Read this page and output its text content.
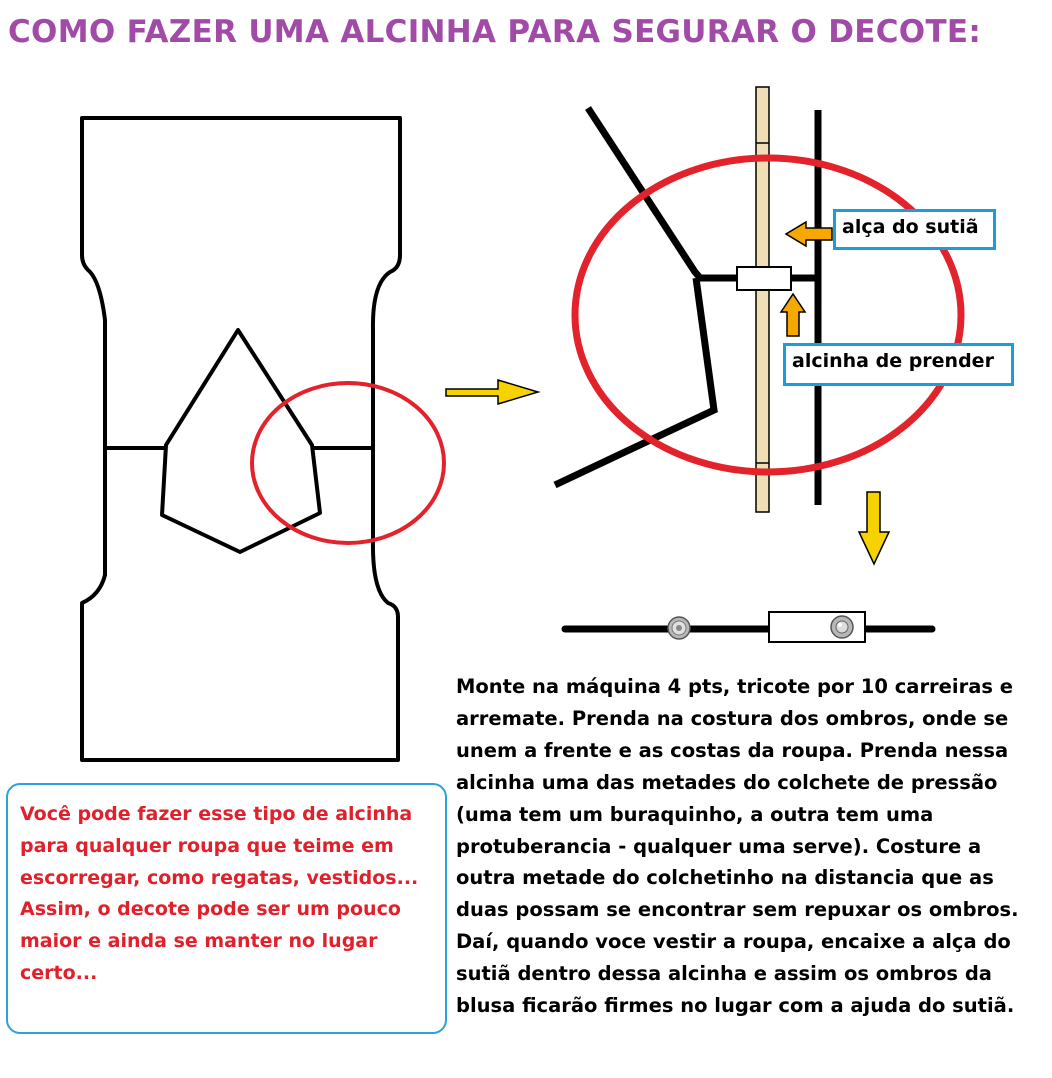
COMO FAZER UMA ALCINHA PARA SEGURAR O DECOTE:
alça do sutiã
alcinha de prender
Monte na máquina 4 pts, tricote por 10 carreiras e arremate. Prenda na costura dos ombros, onde se unem a frente e as costas da roupa. Prenda nessa alcinha uma das metades do colchete de pressão (uma tem um buraquinho, a outra tem uma protuberancia - qualquer uma serve). Costure a outra metade do colchetinho na distancia que as duas possam se encontrar sem repuxar os ombros. Daí, quando voce vestir a roupa, encaixe a alça do sutiã dentro dessa alcinha e assim os ombros da blusa ficarão firmes no lugar com a ajuda do sutiã.
Você pode fazer esse tipo de alcinha para qualquer roupa que teime em escorregar, como regatas, vestidos... Assim, o decote pode ser um pouco maior e ainda se manter no lugar certo...
